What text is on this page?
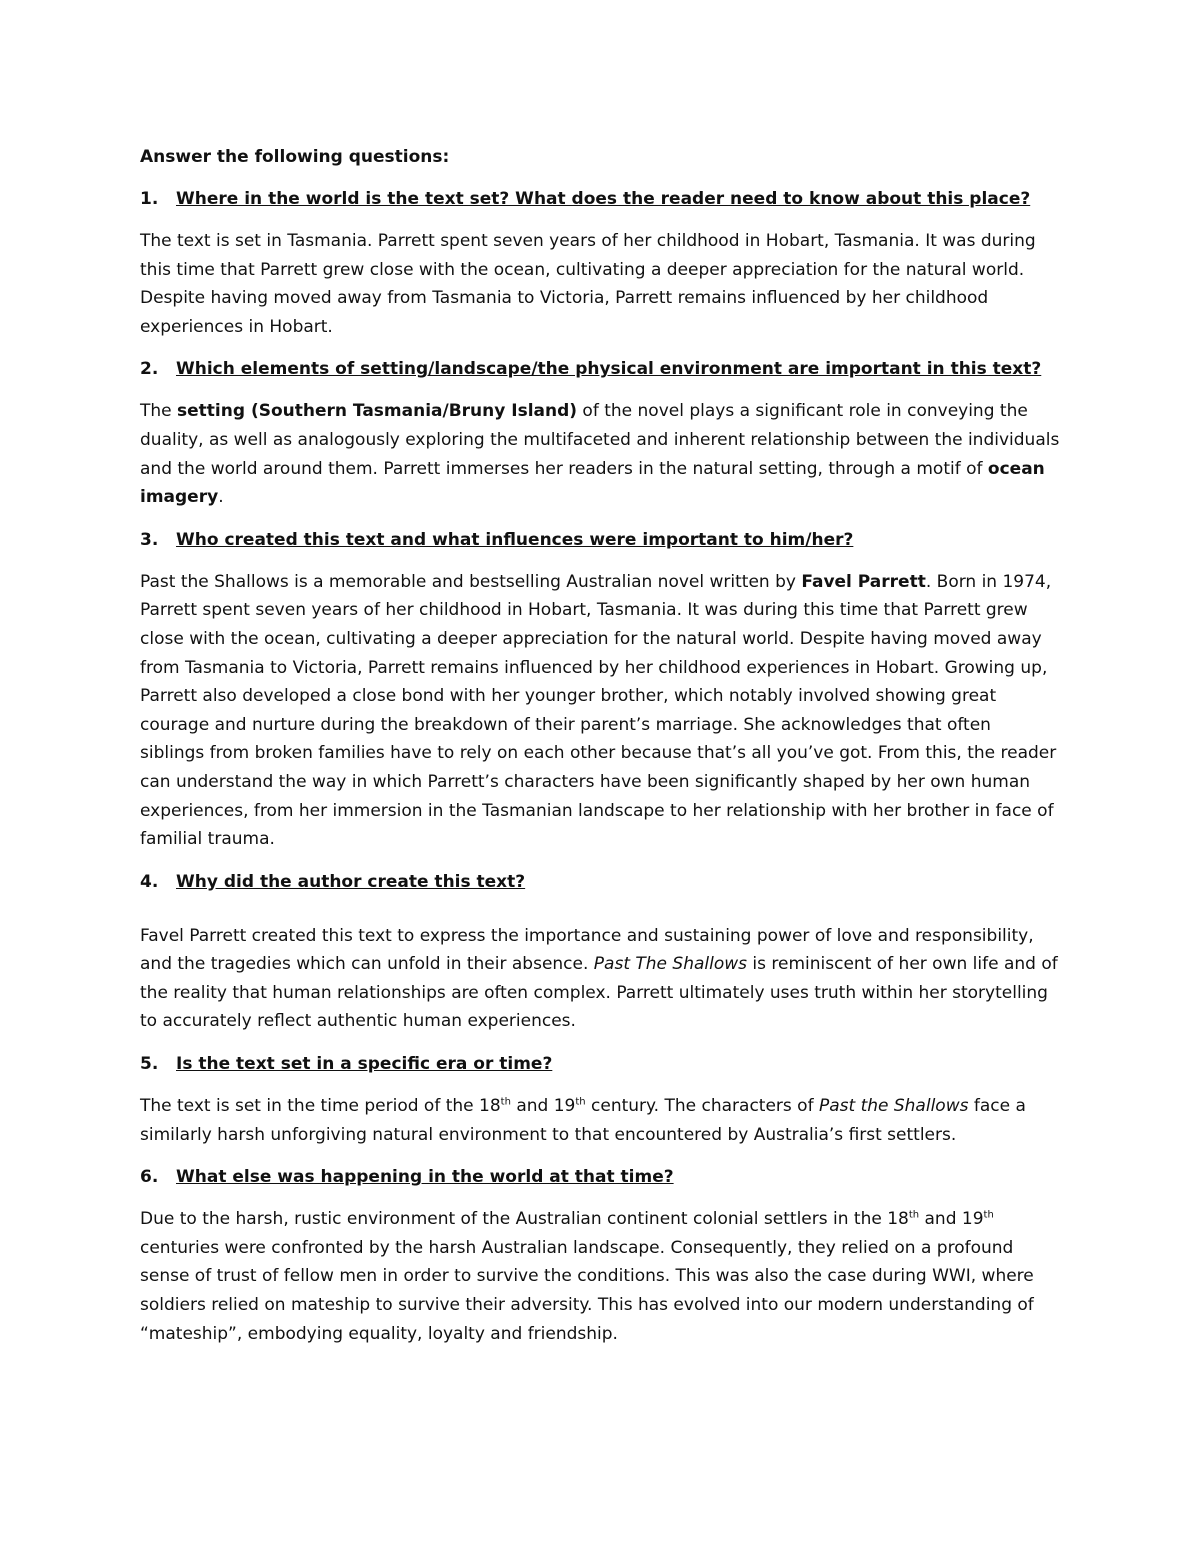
Answer the following questions:

1.	Where in the world is the text set? What does the reader need to know about this place?

The text is set in Tasmania. Parrett spent seven years of her childhood in Hobart, Tasmania. It was during this time that Parrett grew close with the ocean, cultivating a deeper appreciation for the natural world. Despite having moved away from Tasmania to Victoria, Parrett remains influenced by her childhood experiences in Hobart.

2.	Which elements of setting/landscape/the physical environment are important in this text?

The setting (Southern Tasmania/Bruny Island) of the novel plays a significant role in conveying the duality, as well as analogously exploring the multifaceted and inherent relationship between the individuals and the world around them. Parrett immerses her readers in the natural setting, through a motif of ocean imagery.

3.	Who created this text and what influences were important to him/her?

Past the Shallows is a memorable and bestselling Australian novel written by Favel Parrett. Born in 1974, Parrett spent seven years of her childhood in Hobart, Tasmania. It was during this time that Parrett grew close with the ocean, cultivating a deeper appreciation for the natural world. Despite having moved away from Tasmania to Victoria, Parrett remains influenced by her childhood experiences in Hobart. Growing up, Parrett also developed a close bond with her younger brother, which notably involved showing great courage and nurture during the breakdown of their parent’s marriage. She acknowledges that often siblings from broken families have to rely on each other because that’s all you’ve got. From this, the reader can understand the way in which Parrett’s characters have been significantly shaped by her own human experiences, from her immersion in the Tasmanian landscape to her relationship with her brother in face of familial trauma.

4.	Why did the author create this text?

Favel Parrett created this text to express the importance and sustaining power of love and responsibility, and the tragedies which can unfold in their absence. Past The Shallows is reminiscent of her own life and of the reality that human relationships are often complex. Parrett ultimately uses truth within her storytelling to accurately reflect authentic human experiences.

5.	Is the text set in a specific era or time?

The text is set in the time period of the 18th and 19th century. The characters of Past the Shallows face a similarly harsh unforgiving natural environment to that encountered by Australia’s first settlers.

6.	What else was happening in the world at that time?

Due to the harsh, rustic environment of the Australian continent colonial settlers in the 18th and 19th centuries were confronted by the harsh Australian landscape. Consequently, they relied on a profound sense of trust of fellow men in order to survive the conditions. This was also the case during WWI, where soldiers relied on mateship to survive their adversity. This has evolved into our modern understanding of “mateship”, embodying equality, loyalty and friendship.
